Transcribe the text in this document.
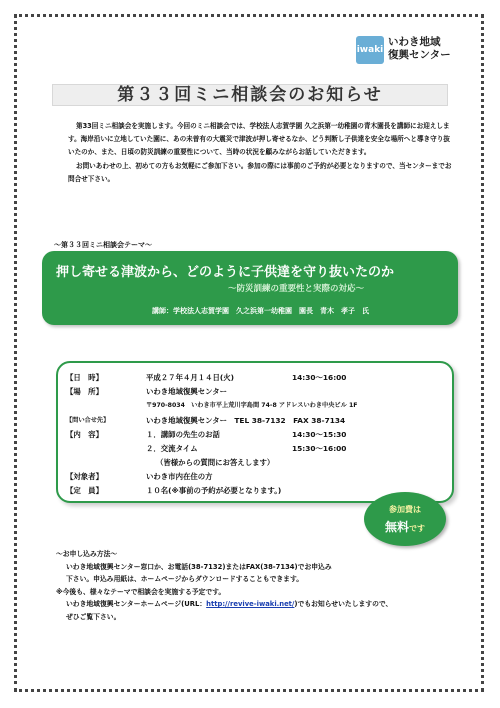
iwaki
いわき地域
復興センター
第３３回ミニ相談会のお知らせ

第33回ミニ相談会を実施します。今回のミニ相談会では、学校法人志賀学園 久之浜第一幼稚園の青木園長を講師にお迎えします。海岸沿いに立地していた園に、あの未曽有の大震災で津波が押し寄せるなか、どう判断し子供達を安全な場所へと導き守り抜いたのか、また、日頃の防災訓練の重要性について、当時の状況を顧みながらお話していただきます。

お問いあわせの上、初めての方もお気軽にご参加下さい。参加の際には事前のご予約が必要となりますので、当センターまでお問合せ下さい。

～第３３回ミニ相談会テーマ～
押し寄せる津波から、どのように子供達を守り抜いたのか
～防災訓練の重要性と実際の対応～
講師：学校法人志賀学園　久之浜第一幼稚園　園長　青木　孝子　氏
【日　時】	平成２７年４月１４日(火)	14:30～16:00
【場　所】	いわき地域復興センター
〒970-8034　いわき市平上荒川字島間 74-8 アドレスいわき中央ビル 1F
【問い合せ先】	いわき地域復興センター　TEL 38-7132　FAX 38-7134
【内　容】	１．講師の先生のお話	14:30～15:30
２．交流タイム	15:30～16:00
（皆様からの質問にお答えします）
【対象者】	いわき市内在住の方
【定　員】	１０名(※事前の予約が必要となります。)
参加費は
無料です

～お申し込み方法～

いわき地域復興センター窓口か、お電話(38-7132)またはFAX(38-7134)でお申込み

下さい。申込み用紙は、ホームページからダウンロードすることもできます。

※今後も、様々なテーマで相談会を実施する予定です。

いわき地域復興センターホームページ(URL：http://revive-iwaki.net/)でもお知らせいたしますので、

ぜひご覧下さい。
